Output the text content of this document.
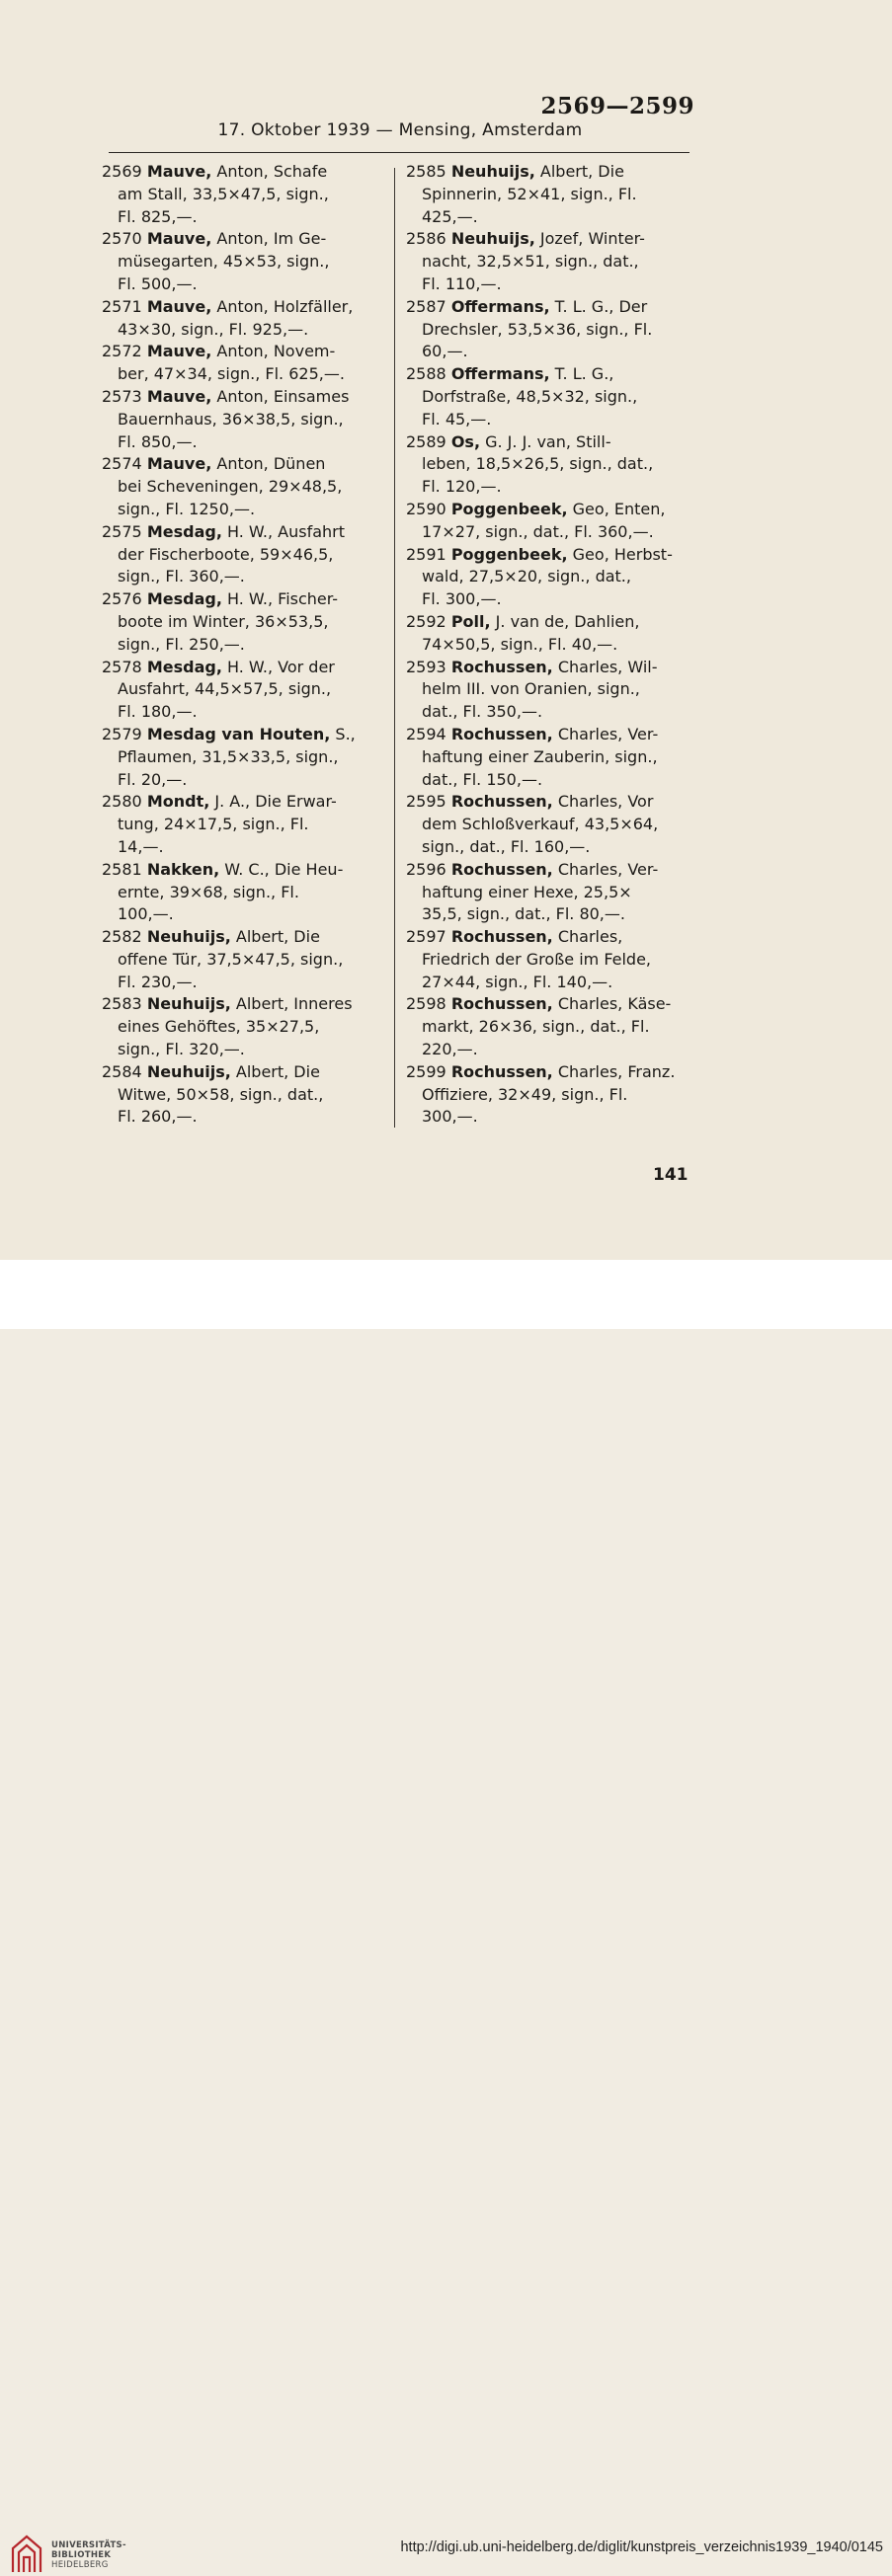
2569—2599
17. Oktober 1939 — Mensing, Amsterdam
2569 Mauve, Anton, Schafe
am Stall, 33,5×47,5, sign.,
Fl. 825,—.
2570 Mauve, Anton, Im Ge-
müsegarten, 45×53, sign.,
Fl. 500,—.
2571 Mauve, Anton, Holzfäller,
43×30, sign., Fl. 925,—.
2572 Mauve, Anton, Novem-
ber, 47×34, sign., Fl. 625,—.
2573 Mauve, Anton, Einsames
Bauernhaus, 36×38,5, sign.,
Fl. 850,—.
2574 Mauve, Anton, Dünen
bei Scheveningen, 29×48,5,
sign., Fl. 1250,—.
2575 Mesdag, H. W., Ausfahrt
der Fischerboote, 59×46,5,
sign., Fl. 360,—.
2576 Mesdag, H. W., Fischer-
boote im Winter, 36×53,5,
sign., Fl. 250,—.
2578 Mesdag, H. W., Vor der
Ausfahrt, 44,5×57,5, sign.,
Fl. 180,—.
2579 Mesdag van Houten, S.,
Pflaumen, 31,5×33,5, sign.,
Fl. 20,—.
2580 Mondt, J. A., Die Erwar-
tung, 24×17,5, sign., Fl.
14,—.
2581 Nakken, W. C., Die Heu-
ernte, 39×68, sign., Fl.
100,—.
2582 Neuhuijs, Albert, Die
offene Tür, 37,5×47,5, sign.,
Fl. 230,—.
2583 Neuhuijs, Albert, Inneres
eines Gehöftes, 35×27,5,
sign., Fl. 320,—.
2584 Neuhuijs, Albert, Die
Witwe, 50×58, sign., dat.,
Fl. 260,—.
2585 Neuhuijs, Albert, Die
Spinnerin, 52×41, sign., Fl.
425,—.
2586 Neuhuijs, Jozef, Winter-
nacht, 32,5×51, sign., dat.,
Fl. 110,—.
2587 Offermans, T. L. G., Der
Drechsler, 53,5×36, sign., Fl.
60,—.
2588 Offermans, T. L. G.,
Dorfstraße, 48,5×32, sign.,
Fl. 45,—.
2589 Os, G. J. J. van, Still-
leben, 18,5×26,5, sign., dat.,
Fl. 120,—.
2590 Poggenbeek, Geo, Enten,
17×27, sign., dat., Fl. 360,—.
2591 Poggenbeek, Geo, Herbst-
wald, 27,5×20, sign., dat.,
Fl. 300,—.
2592 Poll, J. van de, Dahlien,
74×50,5, sign., Fl. 40,—.
2593 Rochussen, Charles, Wil-
helm III. von Oranien, sign.,
dat., Fl. 350,—.
2594 Rochussen, Charles, Ver-
haftung einer Zauberin, sign.,
dat., Fl. 150,—.
2595 Rochussen, Charles, Vor
dem Schloßverkauf, 43,5×64,
sign., dat., Fl. 160,—.
2596 Rochussen, Charles, Ver-
haftung einer Hexe, 25,5×
35,5, sign., dat., Fl. 80,—.
2597 Rochussen, Charles,
Friedrich der Große im Felde,
27×44, sign., Fl. 140,—.
2598 Rochussen, Charles, Käse-
markt, 26×36, sign., dat., Fl.
220,—.
2599 Rochussen, Charles, Franz.
Offiziere, 32×49, sign., Fl.
300,—.
141
UNIVERSITÄTS-
BIBLIOTHEK
HEIDELBERG
http://digi.ub.uni-heidelberg.de/diglit/kunstpreis_verzeichnis1939_1940/0145
